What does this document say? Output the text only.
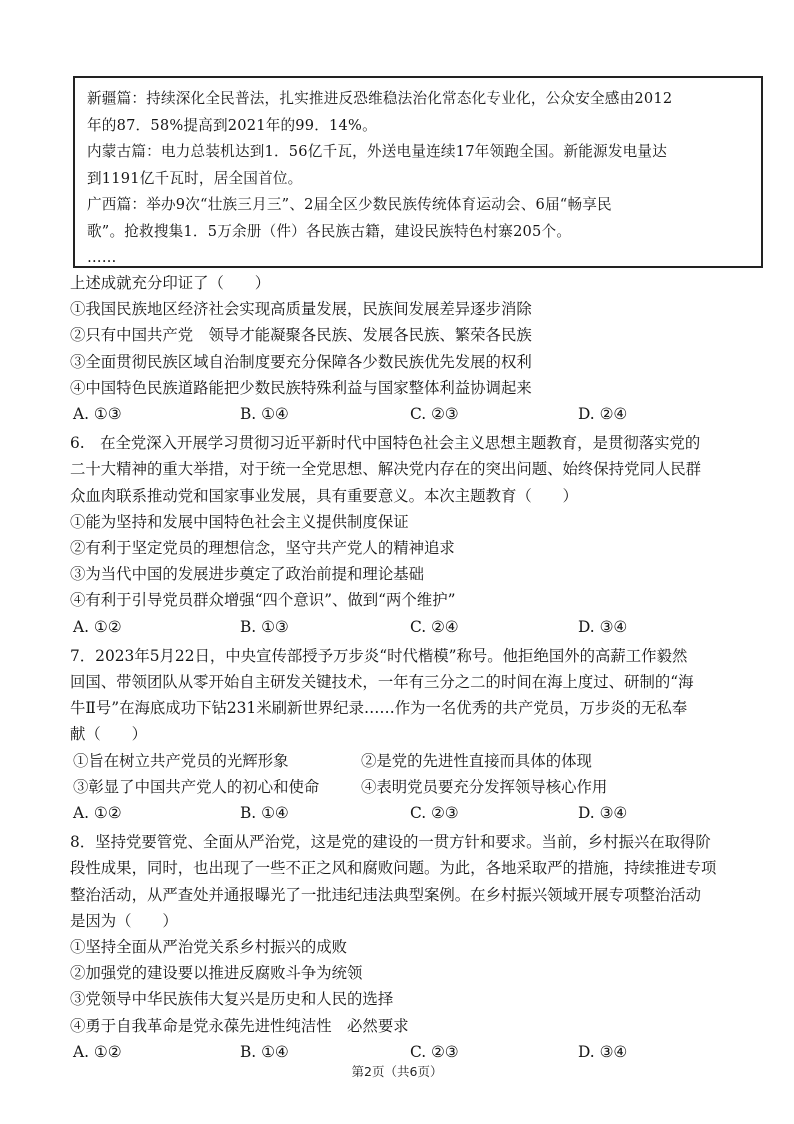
新疆篇：持续深化全民普法，扎实推进反恐维稳法治化常态化专业化，公众安全感由2012

年的87．58%提高到2021年的99．14%。

内蒙古篇：电力总装机达到1．56亿千瓦，外送电量连续17年领跑全国。新能源发电量达

到1191亿千瓦时，居全国首位。

广西篇：举办9次“壮族三月三”、2届全区少数民族传统体育运动会、6届“畅享民

歌”。抢救搜集1．5万余册（件）各民族古籍，建设民族特色村寨205个。

……

上述成就充分印证了（　　）

①我国民族地区经济社会实现高质量发展，民族间发展差异逐步消除

②只有中国共产党　领导才能凝聚各民族、发展各民族、繁荣各民族

③全面贯彻民族区域自治制度要充分保障各少数民族优先发展的权利

④中国特色民族道路能把少数民族特殊利益与国家整体利益协调起来

A. ①③	B. ①④	C. ②③	D. ②④

6.　在全党深入开展学习贯彻习近平新时代中国特色社会主义思想主题教育，是贯彻落实党的

二十大精神的重大举措，对于统一全党思想、解决党内存在的突出问题、始终保持党同人民群

众血肉联系推动党和国家事业发展，具有重要意义。本次主题教育（　　）

①能为坚持和发展中国特色社会主义提供制度保证

②有利于坚定党员的理想信念，坚守共产党人的精神追求

③为当代中国的发展进步奠定了政治前提和理论基础

④有利于引导党员群众增强“四个意识”、做到“两个维护”

A. ①②	B. ①③	C. ②④	D. ③④

7．2023年5月22日，中央宣传部授予万步炎“时代楷模”称号。他拒绝国外的高薪工作毅然

回国、带领团队从零开始自主研发关键技术，一年有三分之二的时间在海上度过、研制的“海

牛Ⅱ号”在海底成功下钻231米刷新世界纪录……作为一名优秀的共产党员，万步炎的无私奉

献（　　）

①旨在树立共产党员的光辉形象	②是党的先进性直接而具体的体现
③彰显了中国共产党人的初心和使命	④表明党员要充分发挥领导核心作用
A. ①②	B. ①④	C. ②③	D. ③④

8．坚持党要管党、全面从严治党，这是党的建设的一贯方针和要求。当前，乡村振兴在取得阶

段性成果，同时，也出现了一些不正之风和腐败问题。为此，各地采取严的措施，持续推进专项

整治活动，从严查处并通报曝光了一批违纪违法典型案例。在乡村振兴领域开展专项整治活动

是因为（　　）

①坚持全面从严治党关系乡村振兴的成败

②加强党的建设要以推进反腐败斗争为统领

③党领导中华民族伟大复兴是历史和人民的选择

④勇于自我革命是党永葆先进性纯洁性　必然要求

A. ①②	B. ①④	C. ②③	D. ③④
第2页（共6页）
